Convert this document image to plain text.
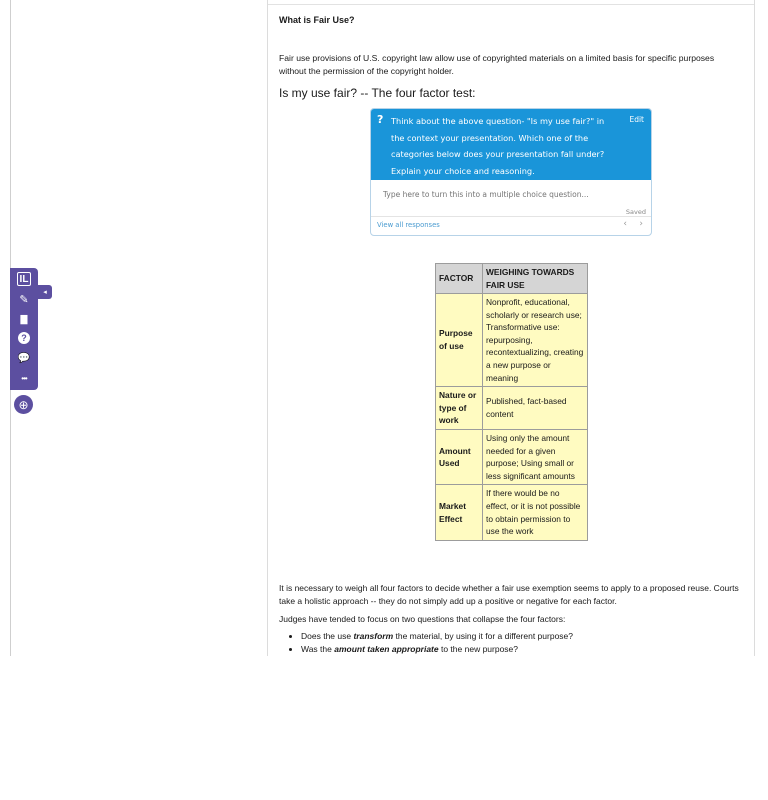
What is Fair Use?
Fair use provisions of U.S. copyright law allow use of copyrighted materials on a limited basis for specific purposes without the permission of the copyright holder.
Is my use fair? -- The four factor test:
? Think about the above question- "Is my use fair?" in the context your presentation. Which one of the categories below does your presentation fall under? Explain your choice and reasoning.
Edit
Type here to turn this into a multiple choice question...
Saved
View all responses	‹ ›
FACTOR	WEIGHING TOWARDS FAIR USE
Purpose of use	Nonprofit, educational, scholarly or research use; Transformative use: repurposing, recontextualizing, creating a new purpose or meaning
Nature or type of work	Published, fact-based content
Amount Used	Using only the amount needed for a given purpose; Using small or less significant amounts
Market Effect	If there would be no effect, or it is not possible to obtain permission to use the work
It is necessary to weigh all four factors to decide whether a fair use exemption seems to apply to a proposed reuse. Courts take a holistic approach -- they do not simply add up a positive or negative for each factor.
Judges have tended to focus on two questions that collapse the four factors:
• Does the use transform the material, by using it for a different purpose?
• Was the amount taken appropriate to the new purpose?
IL
✎
▇
?
💬
•••
◂
⊕
